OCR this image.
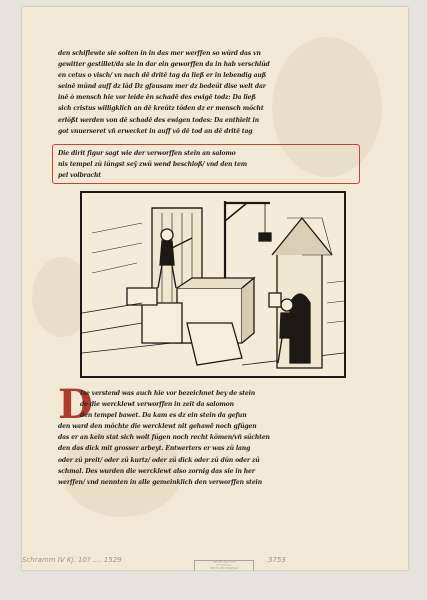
den schiflewte sie solten in in das mer werffen so würd das vn
gewitter gestillet/da sie in dar ein geworffen da in hab verschlüd
en cetus o visch/ vn nach dē dritē tag da ließ er in lebendig auß
seinē münd auff dz läd Dz gfausam mer dz bedeüt dise welt dar
inē ò mensch hie vor leide ēn schadē des ewigē todz: Da ließ
sich cristus willigklich an dē kreütz töden dz er mensch möcht
erlößt werden von dē schadē des ewigen todes: Da enthielt in
got vnuerseret vñ erwecket in auff vō dē tod an dē dritē tag
Die dirit figur sagt wie der verworffen stein an salomo
nis tempel zü iüngst seÿ zwü wend beschloß/ vnd den tem
pel volbracht
D
Ise verstend was auch hie vor bezeichnet bey de stein
de die wercklewt verworffen in zeit da salomon
den tempel bawet. Da kam es dz ein stein da gefun
den ward den möchte die wercklewt nit gehawē noch gfügen
das er an kein stat sich wolt fügen noch recht kömen/vñ süchten
den das dick mit grosser arbeyt. Entwerters er was zü lang
oder zü preit/ oder zü kurtz/ oder zü dick oder zü dün oder zü
schmal. Des wurden die wercklewt also zornig das sie in her
werffen/ vnd nennten in alle gemeinklich den verworffen stein
Schramm IV Kj. 10? .... 1529	3753
THE ART INSTITUTE
OF CHICAGO
PRINTS AND DRAWINGS
